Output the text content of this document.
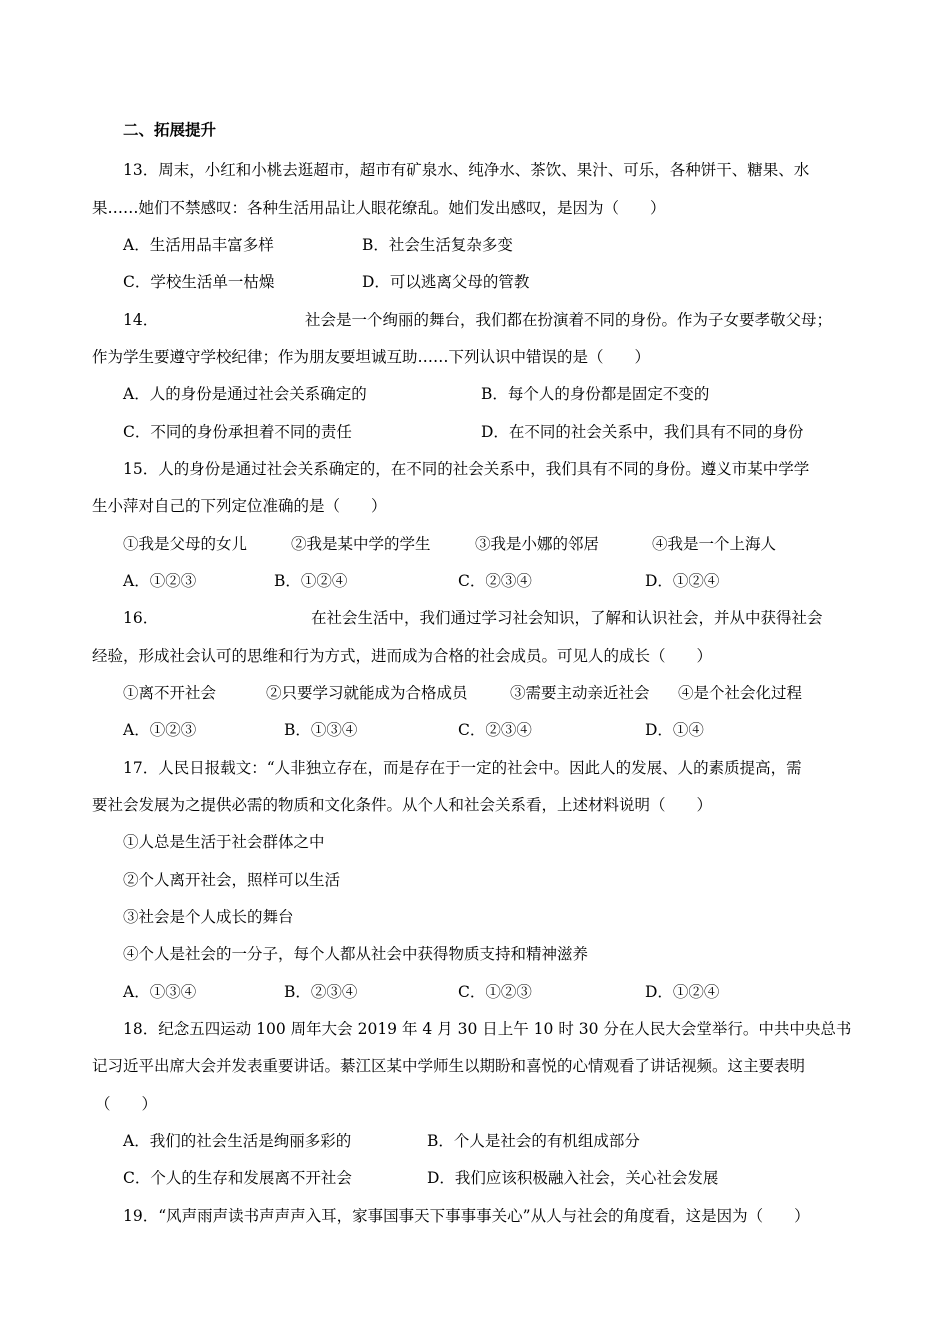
二、拓展提升
13．周末，小红和小桃去逛超市，超市有矿泉水、纯净水、茶饮、果汁、可乐，各种饼干、糖果、水
果……她们不禁感叹：各种生活用品让人眼花缭乱。她们发出感叹，是因为（　　）
A．生活用品丰富多样	B．社会生活复杂多变
C．学校生活单一枯燥	D．可以逃离父母的管教
14．	社会是一个绚丽的舞台，我们都在扮演着不同的身份。作为子女要孝敬父母；
作为学生要遵守学校纪律；作为朋友要坦诚互助……下列认识中错误的是（　　）
A．人的身份是通过社会关系确定的	B．每个人的身份都是固定不变的
C．不同的身份承担着不同的责任	D．在不同的社会关系中，我们具有不同的身份
15．人的身份是通过社会关系确定的，在不同的社会关系中，我们具有不同的身份。遵义市某中学学
生小萍对自己的下列定位准确的是（　　）
①我是父母的女儿	②我是某中学的学生	③我是小娜的邻居	④我是一个上海人
A．①②③	B．①②④	C．②③④	D．①②④
16．	在社会生活中，我们通过学习社会知识，了解和认识社会，并从中获得社会
经验，形成社会认可的思维和行为方式，进而成为合格的社会成员。可见人的成长（　　）
①离不开社会	②只要学习就能成为合格成员	③需要主动亲近社会 ④是个社会化过程
A．①②③	B．①③④	C．②③④	D．①④
17．人民日报载文：“人非独立存在，而是存在于一定的社会中。因此人的发展、人的素质提高，需
要社会发展为之提供必需的物质和文化条件。从个人和社会关系看，上述材料说明（　　）
①人总是生活于社会群体之中
②个人离开社会，照样可以生活
③社会是个人成长的舞台
④个人是社会的一分子，每个人都从社会中获得物质支持和精神滋养
A．①③④	B．②③④	C．①②③	D．①②④
18．纪念五四运动 100 周年大会 2019 年 4 月 30 日上午 10 时 30 分在人民大会堂举行。中共中央总书
记习近平出席大会并发表重要讲话。綦江区某中学师生以期盼和喜悦的心情观看了讲话视频。这主要表明
（　　）
A．我们的社会生活是绚丽多彩的	B．个人是社会的有机组成部分
C．个人的生存和发展离不开社会	D．我们应该积极融入社会，关心社会发展
19．“风声雨声读书声声声入耳，家事国事天下事事事关心”从人与社会的角度看，这是因为（　　）
